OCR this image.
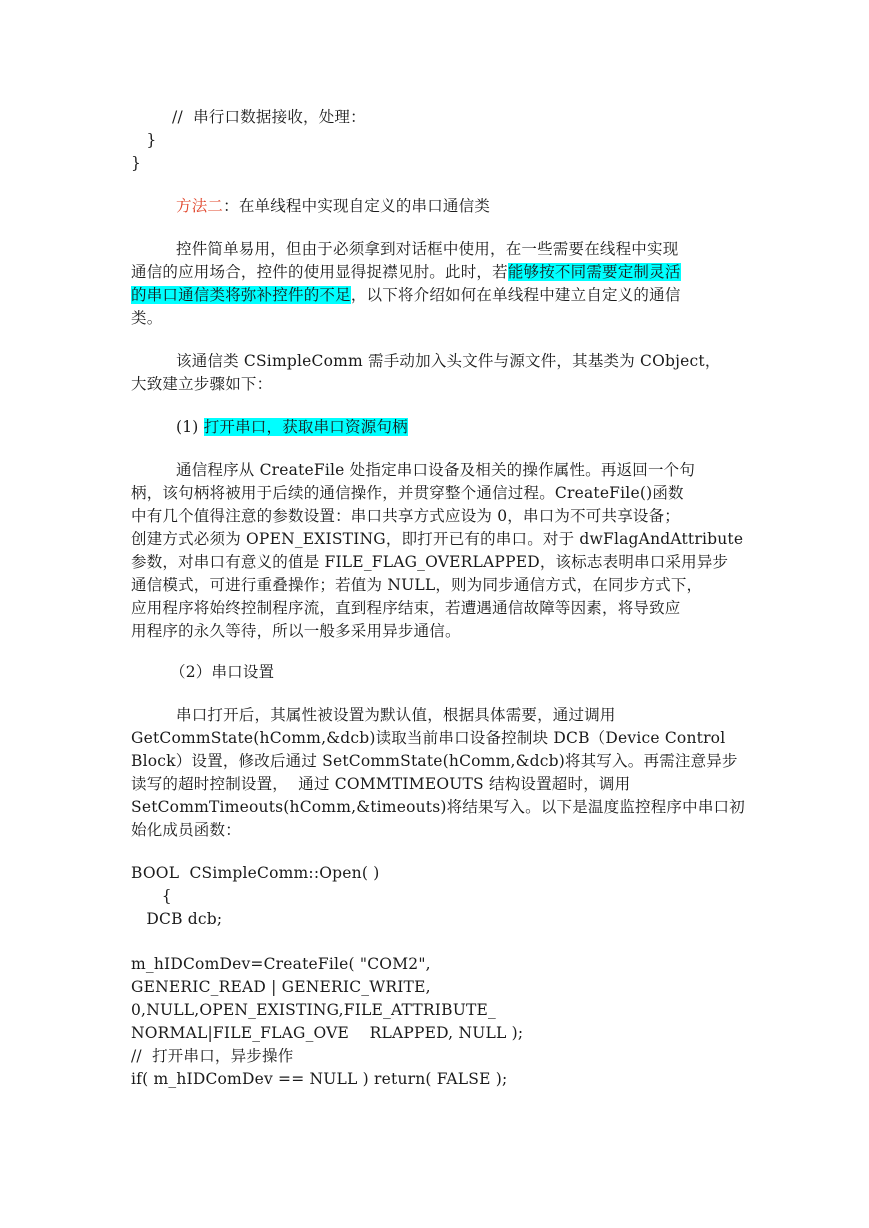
//  串行口数据接收，处理：
}
}
方法二：在单线程中实现自定义的串口通信类
控件简单易用，但由于必须拿到对话框中使用，在一些需要在线程中实现
通信的应用场合，控件的使用显得捉襟见肘。此时，若能够按不同需要定制灵活
的串口通信类将弥补控件的不足，以下将介绍如何在单线程中建立自定义的通信
类。
该通信类 CSimpleComm 需手动加入头文件与源文件，其基类为 CObject，
大致建立步骤如下：
(1) 打开串口，获取串口资源句柄
通信程序从 CreateFile 处指定串口设备及相关的操作属性。再返回一个句
柄，该句柄将被用于后续的通信操作，并贯穿整个通信过程。CreateFile()函数
中有几个值得注意的参数设置：串口共享方式应设为 0，串口为不可共享设备；
创建方式必须为 OPEN_EXISTING，即打开已有的串口。对于 dwFlagAndAttribute
参数，对串口有意义的值是 FILE_FLAG_OVERLAPPED，该标志表明串口采用异步
通信模式，可进行重叠操作；若值为 NULL，则为同步通信方式，在同步方式下，
应用程序将始终控制程序流，直到程序结束，若遭遇通信故障等因素，将导致应
用程序的永久等待，所以一般多采用异步通信。
（2）串口设置
串口打开后，其属性被设置为默认值，根据具体需要，通过调用
GetCommState(hComm,&dcb)读取当前串口设备控制块 DCB（Device Control
Block）设置，修改后通过 SetCommState(hComm,&dcb)将其写入。再需注意异步
读写的超时控制设置，  通过 COMMTIMEOUTS 结构设置超时，调用
SetCommTimeouts(hComm,&timeouts)将结果写入。以下是温度监控程序中串口初
始化成员函数：
BOOL  CSimpleComm::Open( )
{
DCB dcb;
m_hIDComDev=CreateFile( "COM2",
GENERIC_READ | GENERIC_WRITE,
0,NULL,OPEN_EXISTING,FILE_ATTRIBUTE_
NORMAL|FILE_FLAG_OVE    RLAPPED, NULL );
//  打开串口，异步操作
if( m_hIDComDev == NULL ) return( FALSE );
